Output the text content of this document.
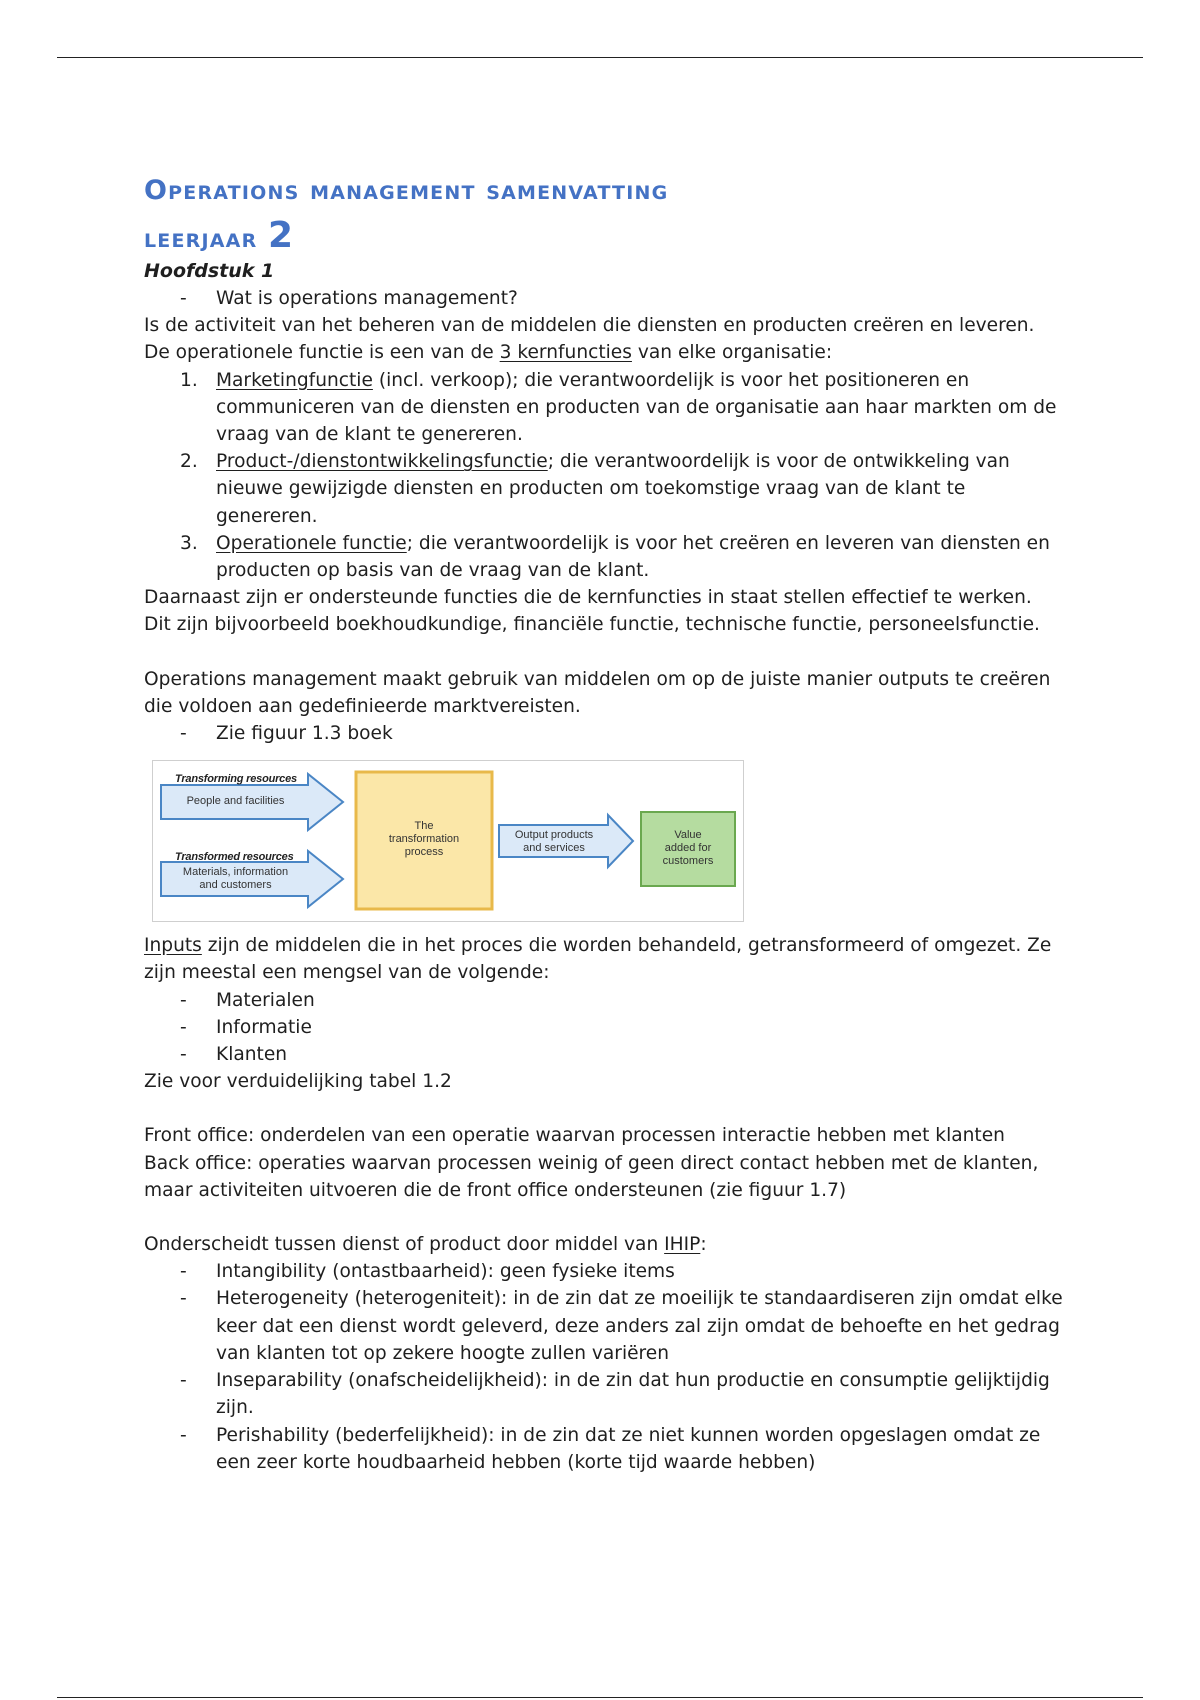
Operations management samenvatting
leerjaar 2
Hoofdstuk 1
- Wat is operations management?

Is de activiteit van het beheren van de middelen die diensten en producten creëren en leveren.

De operationele functie is een van de 3 kernfuncties van elke organisatie:

1. Marketingfunctie (incl. verkoop); die verantwoordelijk is voor het positioneren en communiceren van de diensten en producten van de organisatie aan haar markten om de vraag van de klant te genereren.
2. Product-/dienstontwikkelingsfunctie; die verantwoordelijk is voor de ontwikkeling van nieuwe gewijzigde diensten en producten om toekomstige vraag van de klant te genereren.
3. Operationele functie; die verantwoordelijk is voor het creëren en leveren van diensten en producten op basis van de vraag van de klant.

Daarnaast zijn er ondersteunde functies die de kernfuncties in staat stellen effectief te werken. Dit zijn bijvoorbeeld boekhoudkundige, financiële functie, technische functie, personeelsfunctie.

Operations management maakt gebruik van middelen om op de juiste manier outputs te creëren die voldoen aan gedefinieerde marktvereisten.

- Zie figuur 1.3 boek
Transforming resources
People and facilities
Transformed resources
Materials, information
and customers
The
transformation
process
Output products
and services
Value
added for
customers

Inputs zijn de middelen die in het proces die worden behandeld, getransformeerd of omgezet. Ze zijn meestal een mengsel van de volgende:

- Materialen
- Informatie
- Klanten

Zie voor verduidelijking tabel 1.2

Front office: onderdelen van een operatie waarvan processen interactie hebben met klanten

Back office: operaties waarvan processen weinig of geen direct contact hebben met de klanten, maar activiteiten uitvoeren die de front office ondersteunen (zie figuur 1.7)

Onderscheidt tussen dienst of product door middel van IHIP:

- Intangibility (ontastbaarheid): geen fysieke items
- Heterogeneity (heterogeniteit): in de zin dat ze moeilijk te standaardiseren zijn omdat elke keer dat een dienst wordt geleverd, deze anders zal zijn omdat de behoefte en het gedrag van klanten tot op zekere hoogte zullen variëren
- Inseparability (onafscheidelijkheid): in de zin dat hun productie en consumptie gelijktijdig zijn.
- Perishability (bederfelijkheid): in de zin dat ze niet kunnen worden opgeslagen omdat ze een zeer korte houdbaarheid hebben (korte tijd waarde hebben)
